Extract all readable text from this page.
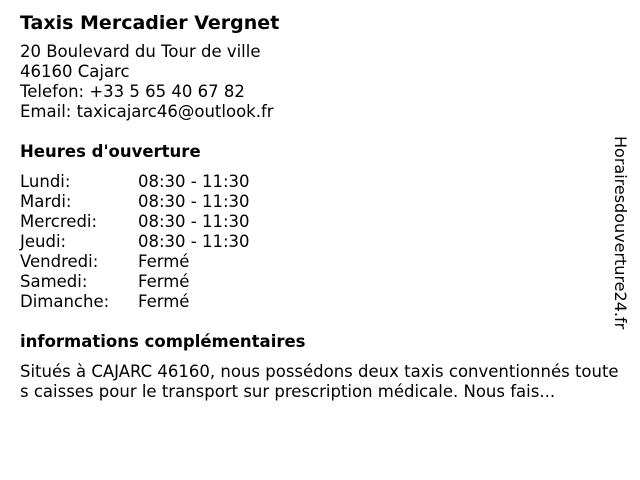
Taxis Mercadier Vergnet
20 Boulevard du Tour de ville
46160 Cajarc
Telefon: +33 5 65 40 67 82
Email: taxicajarc46@outlook.fr
Heures d'ouverture
Lundi:	08:30 - 11:30
Mardi:	08:30 - 11:30
Mercredi:	08:30 - 11:30
Jeudi:	08:30 - 11:30
Vendredi:	Fermé
Samedi:	Fermé
Dimanche:	Fermé
informations complémentaires

Situés à CAJARC 46160, nous possédons deux taxis conventionnés toutes caisses pour le transport sur prescription médicale. Nous fais...

Horairesdouverture24.fr
